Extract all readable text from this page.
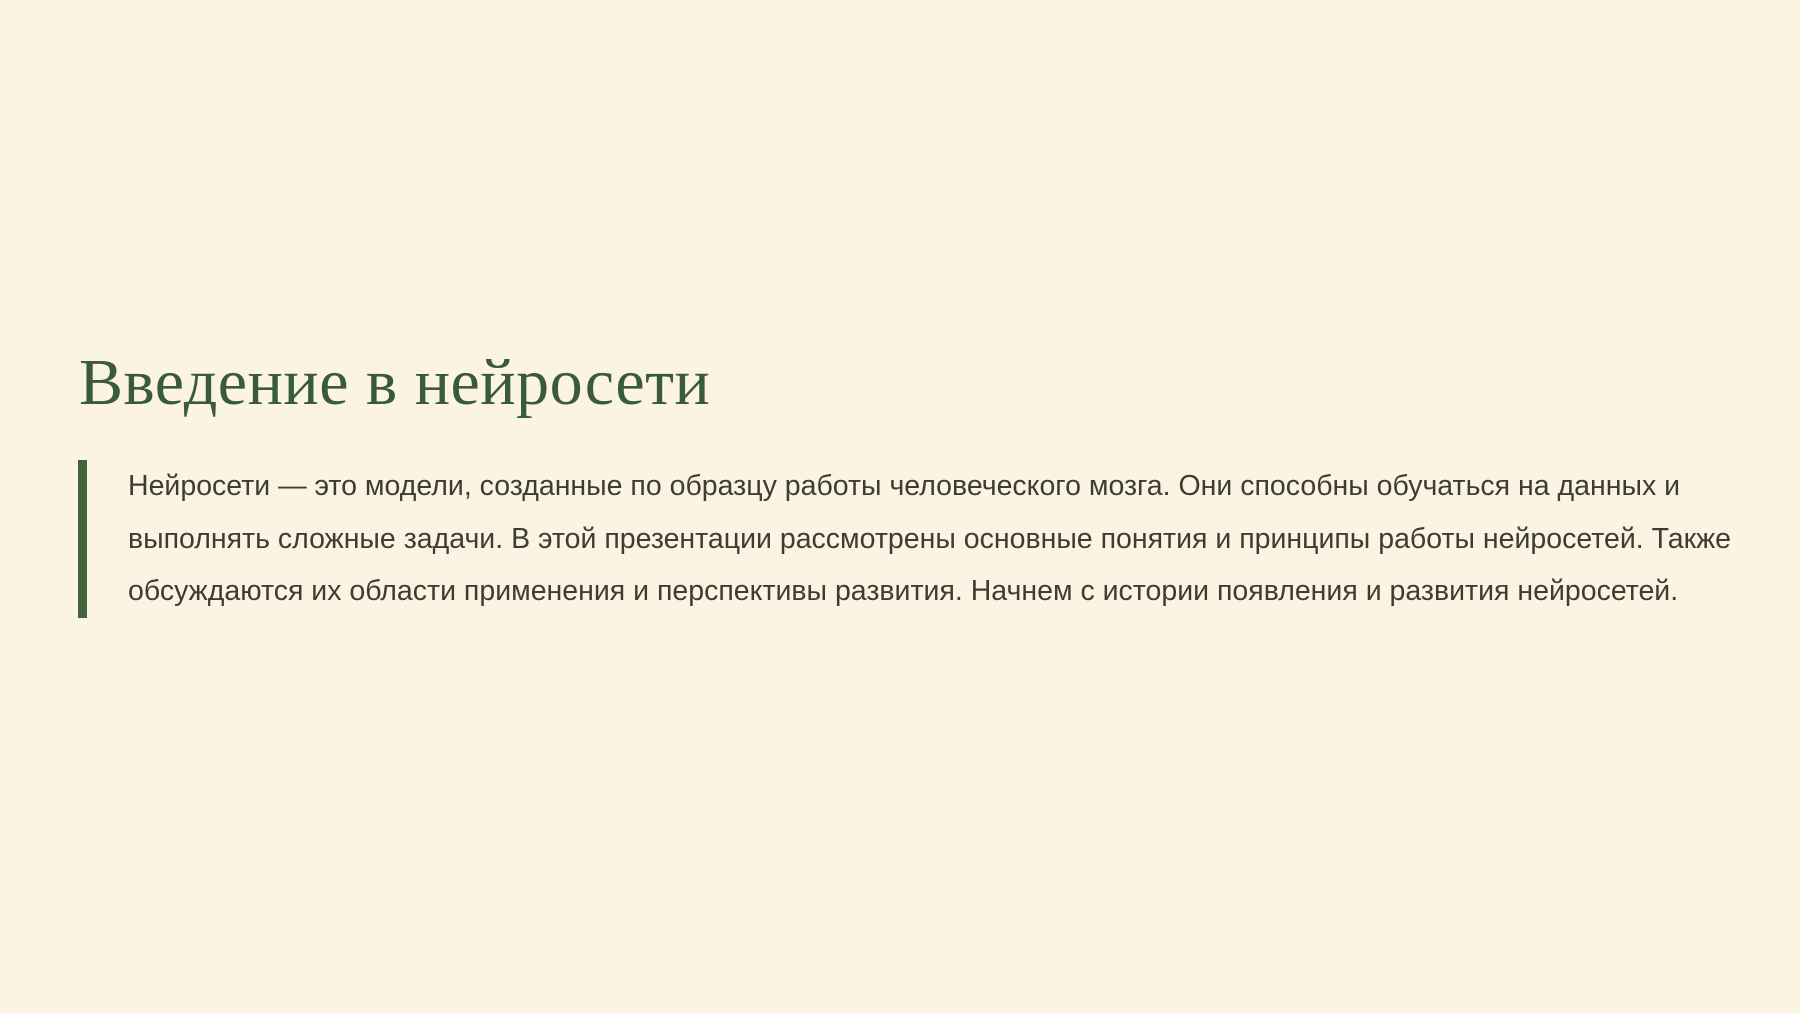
Введение в нейросети

Нейросети — это модели, созданные по образцу работы человеческого мозга. Они способны обучаться на данных и выполнять сложные задачи. В этой презентации рассмотрены основные понятия и принципы работы нейросетей. Также обсуждаются их области применения и перспективы развития. Начнем с истории появления и развития нейросетей.
